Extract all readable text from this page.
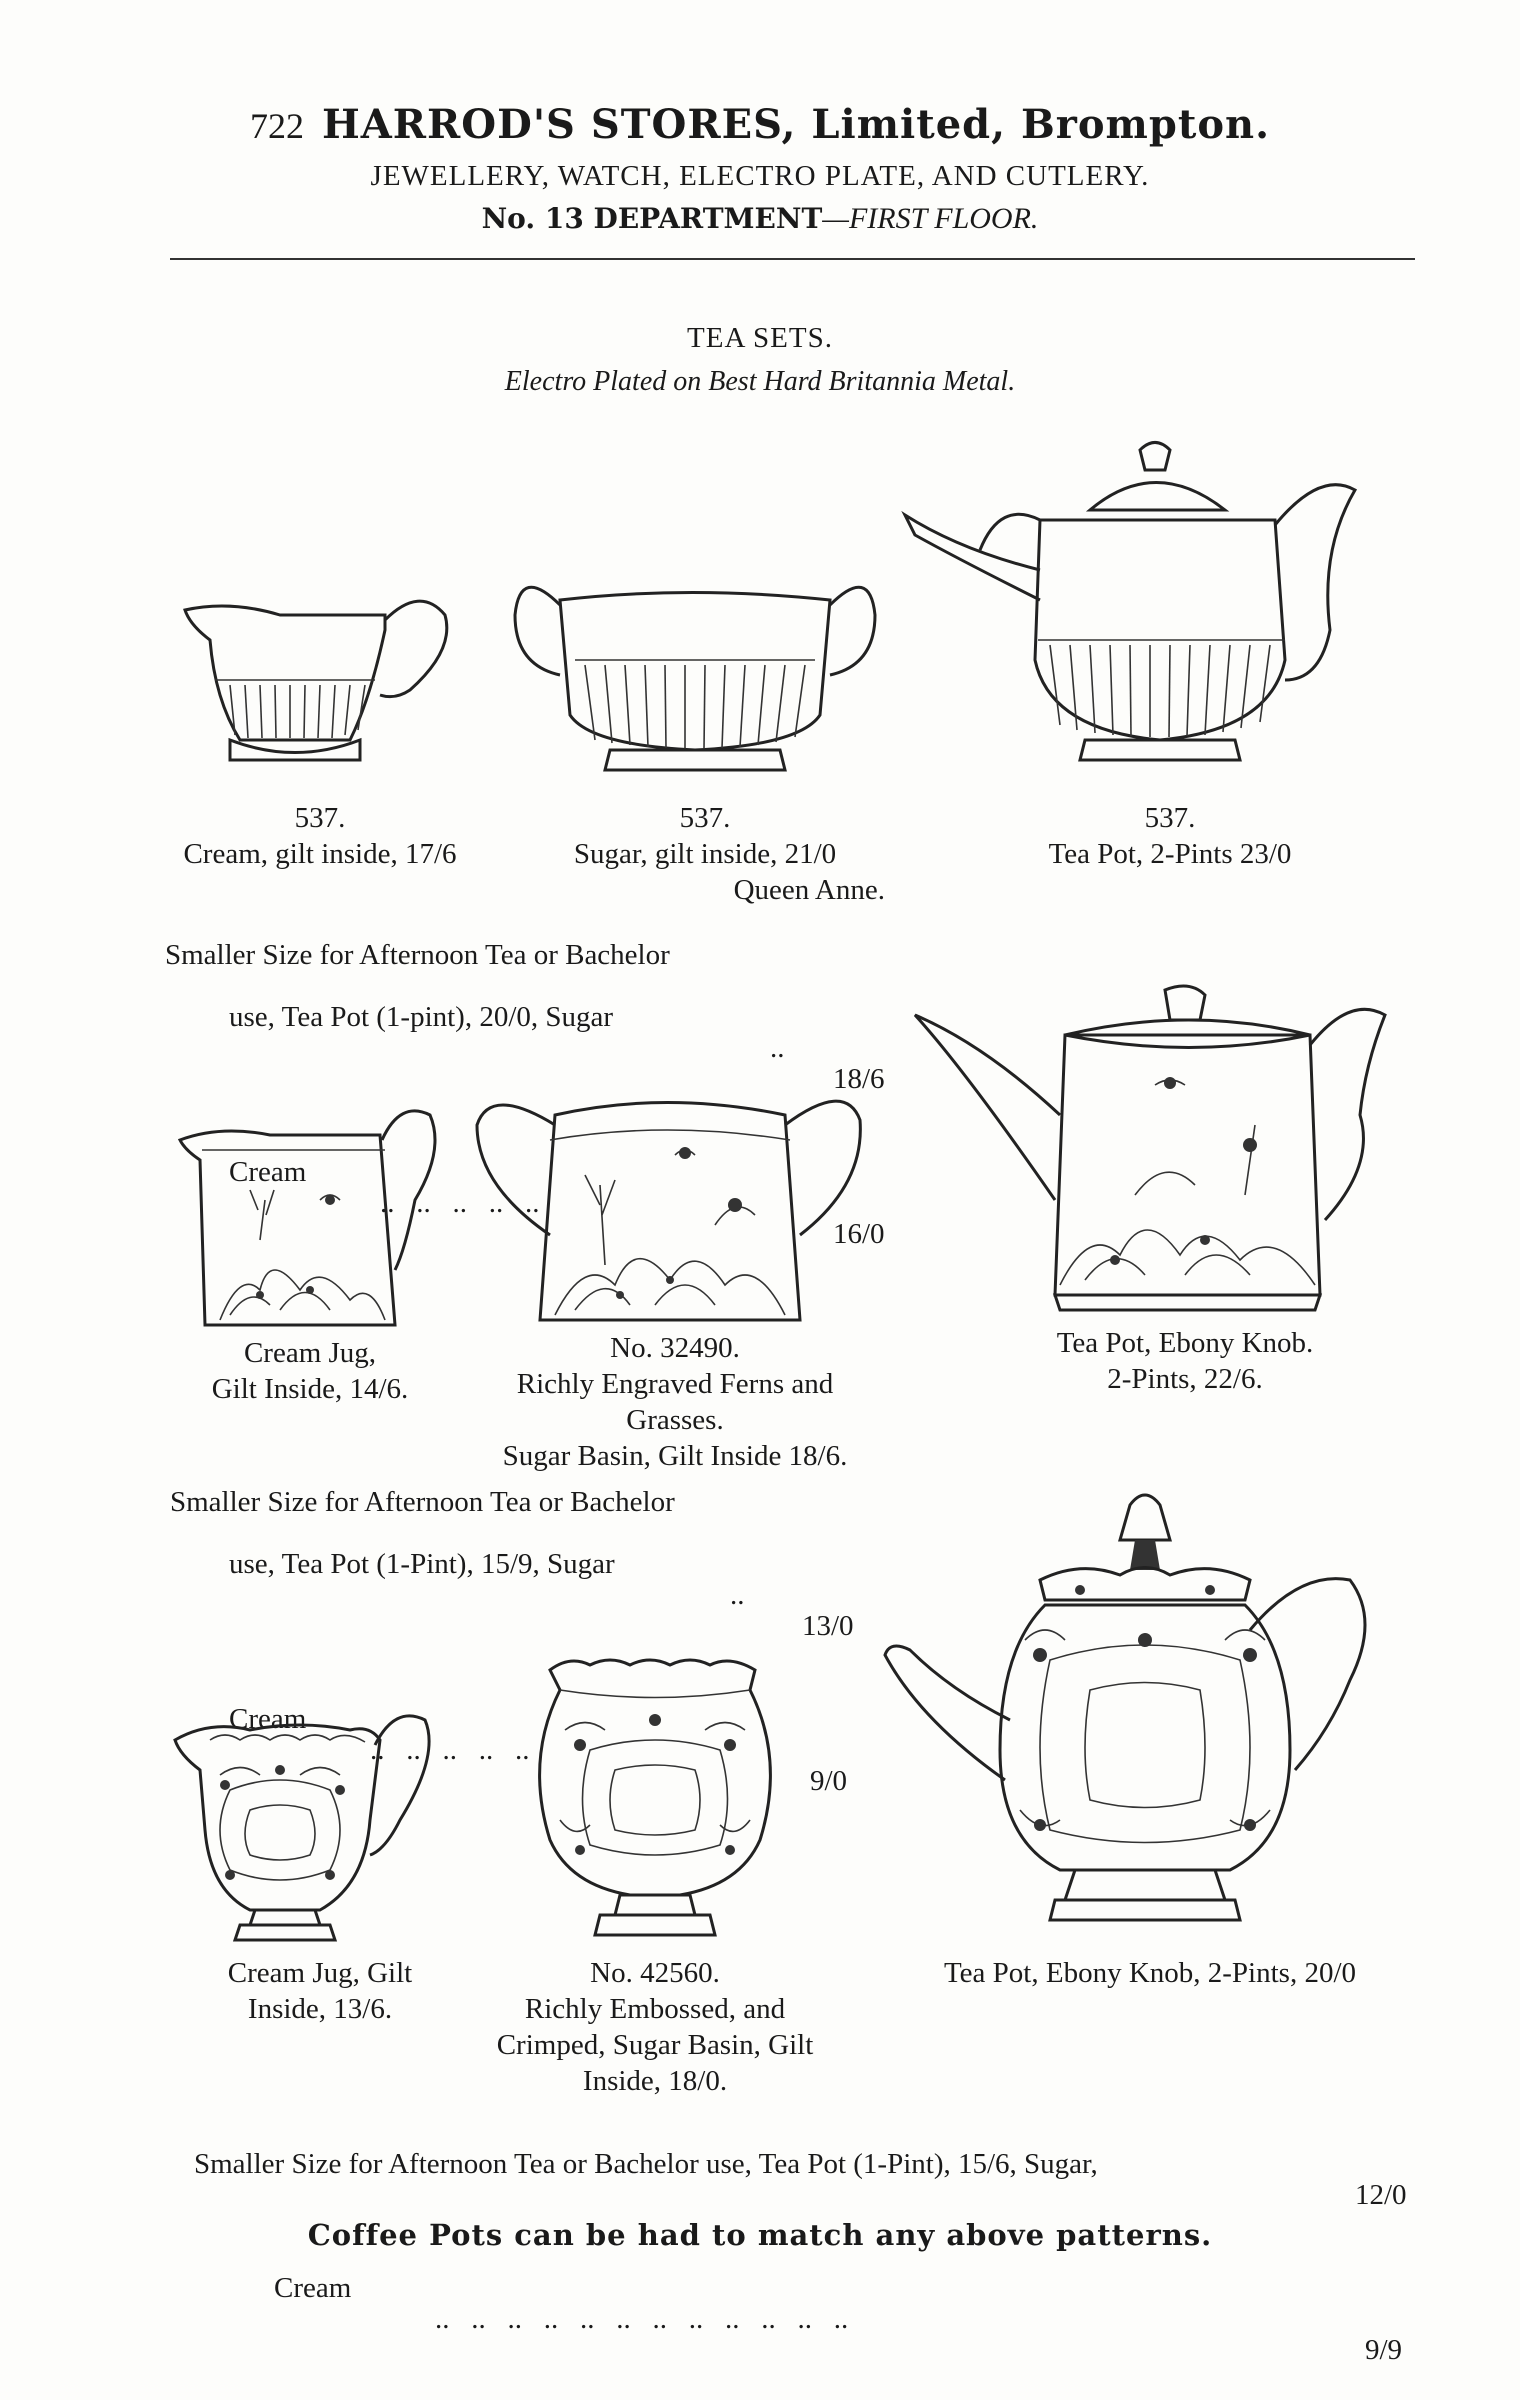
722 HARROD'S STORES, Limited, Brompton.
JEWELLERY, WATCH, ELECTRO PLATE, AND CUTLERY.
No. 13 DEPARTMENT—FIRST FLOOR.
TEA SETS.
Electro Plated on Best Hard Britannia Metal.
537.
Cream, gilt inside, 17/6
537.
Sugar, gilt inside, 21/0
Queen Anne.
537.
Tea Pot, 2-Pints 23/0
Smaller Size for Afternoon Tea or Bachelor

use, Tea Pot (1-pint), 20/0, Sugar

..

18/6

Cream

..   ..   ..   ..   ..

16/0

Cream Jug,
Gilt Inside, 14/6.
No. 32490.
Richly Engraved Ferns and
Grasses.
Sugar Basin, Gilt Inside 18/6.
Tea Pot, Ebony Knob.
2-Pints, 22/6.
Smaller Size for Afternoon Tea or Bachelor

use, Tea Pot (1-Pint), 15/9, Sugar

..

13/0

Cream

..   ..   ..   ..   ..

9/0

Cream Jug, Gilt
Inside, 13/6.
No. 42560.
Richly Embossed, and
Crimped, Sugar Basin, Gilt
Inside, 18/0.
Tea Pot, Ebony Knob, 2-Pints, 20/0

Smaller Size for Afternoon Tea or Bachelor use, Tea Pot (1-Pint), 15/6, Sugar,

12/0

Cream

..   ..   ..   ..   ..   ..   ..   ..   ..   ..   ..   ..

9/9

Coffee Pots can be had to match any above patterns.
